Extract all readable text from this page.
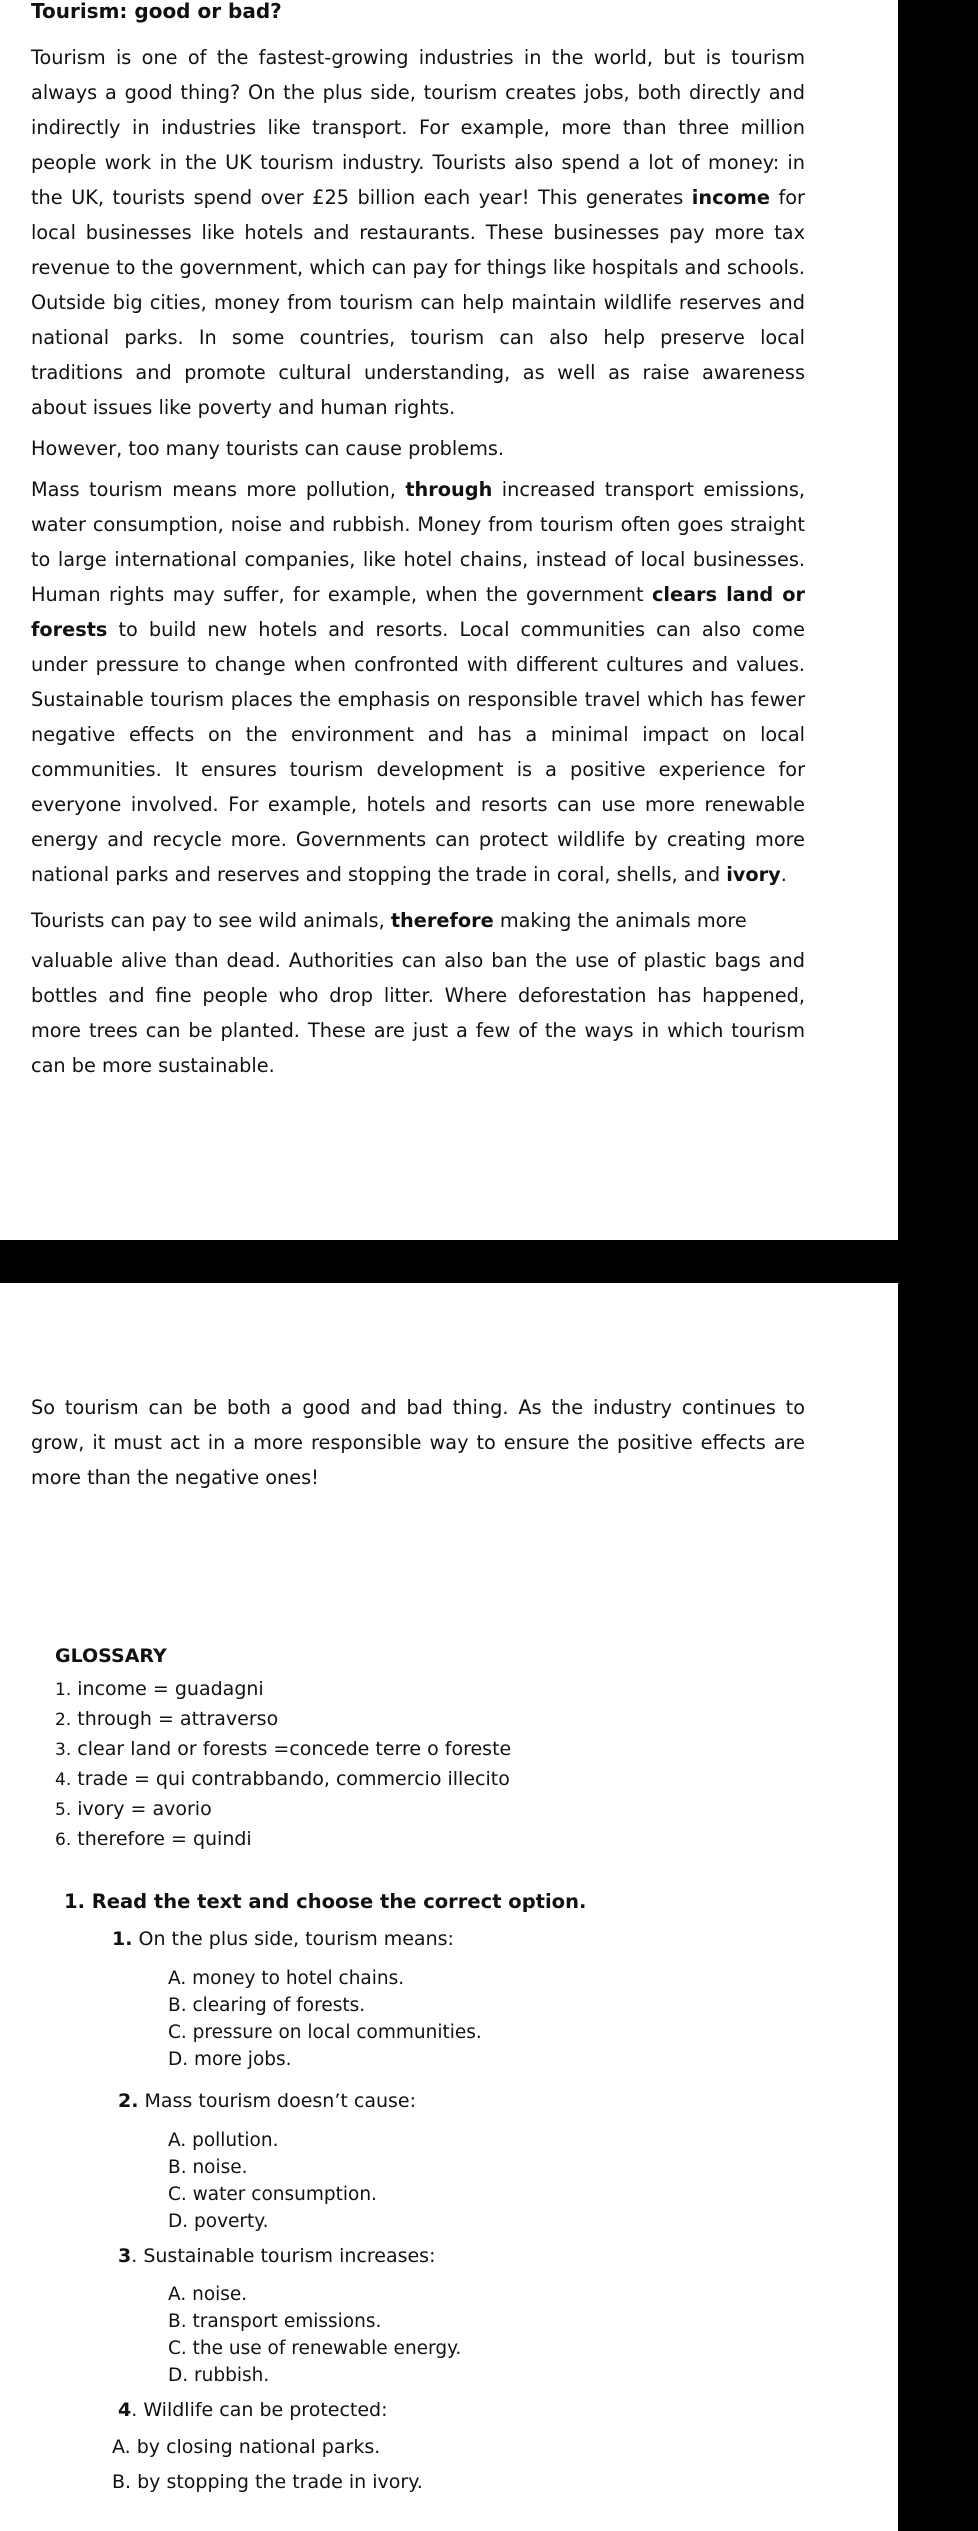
Tourism: good or bad?

Tourism is one of the fastest-growing industries in the world, but is tourism always a good thing? On the plus side, tourism creates jobs, both directly and indirectly in industries like transport. For example, more than three million people work in the UK tourism industry. Tourists also spend a lot of money: in the UK, tourists spend over £25 billion each year! This generates income for local businesses like hotels and restaurants. These businesses pay more tax revenue to the government, which can pay for things like hospitals and schools. Outside big cities, money from tourism can help maintain wildlife reserves and national parks. In some countries, tourism can also help preserve local traditions and promote cultural understanding, as well as raise awareness about issues like poverty and human rights.

However, too many tourists can cause problems.

Mass tourism means more pollution, through increased transport emissions, water consumption, noise and rubbish. Money from tourism often goes straight to large international companies, like hotel chains, instead of local businesses. Human rights may suffer, for example, when the government clears land or forests to build new hotels and resorts. Local communities can also come under pressure to change when confronted with different cultures and values. Sustainable tourism places the emphasis on responsible travel which has fewer negative effects on the environment and has a minimal impact on local communities. It ensures tourism development is a positive experience for everyone involved. For example, hotels and resorts can use more renewable energy and recycle more. Governments can protect wildlife by creating more national parks and reserves and stopping the trade in coral, shells, and ivory.

Tourists can pay to see wild animals, therefore making the animals more

valuable alive than dead. Authorities can also ban the use of plastic bags and bottles and fine people who drop litter. Where deforestation has happened, more trees can be planted. These are just a few of the ways in which tourism can be more sustainable.

So tourism can be both a good and bad thing. As the industry continues to grow, it must act in a more responsible way to ensure the positive effects are more than the negative ones!

GLOSSARY
1. income = guadagni
2. through = attraverso
3. clear land or forests =concede terre o foreste
4. trade = qui contrabbando, commercio illecito
5. ivory = avorio
6. therefore = quindi
1. Read the text and choose the correct option.

1. On the plus side, tourism means:

A. money to hotel chains.
B. clearing of forests.
C. pressure on local communities.
D. more jobs.

2. Mass tourism doesn’t cause:

A. pollution.
B. noise.
C. water consumption.
D. poverty.

3. Sustainable tourism increases:

A. noise.
B. transport emissions.
C. the use of renewable energy.
D. rubbish.

4. Wildlife can be protected:

A. by closing national parks.
B. by stopping the trade in ivory.
